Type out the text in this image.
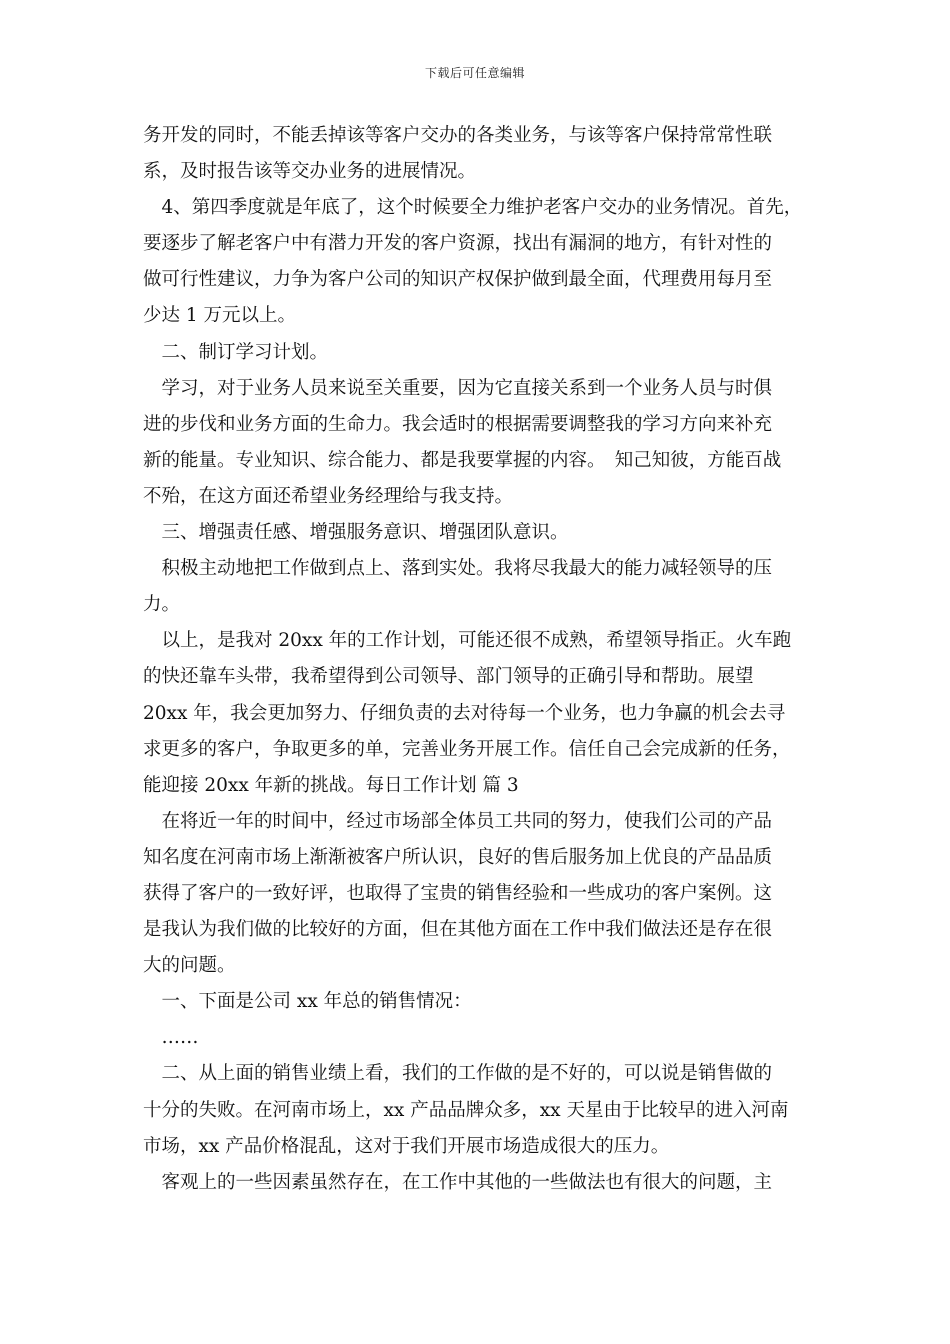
下载后可任意编辑
务开发的同时，不能丢掉该等客户交办的各类业务，与该等客户保持常常性联
系，及时报告该等交办业务的进展情况。
　4、第四季度就是年底了，这个时候要全力维护老客户交办的业务情况。首先，
要逐步了解老客户中有潜力开发的客户资源，找出有漏洞的地方，有针对性的
做可行性建议，力争为客户公司的知识产权保护做到最全面，代理费用每月至
少达 1 万元以上。
　二、制订学习计划。
　学习，对于业务人员来说至关重要，因为它直接关系到一个业务人员与时俱
进的步伐和业务方面的生命力。我会适时的根据需要调整我的学习方向来补充
新的能量。专业知识、综合能力、都是我要掌握的内容。　知己知彼，方能百战
不殆，在这方面还希望业务经理给与我支持。
　三、增强责任感、增强服务意识、增强团队意识。
　积极主动地把工作做到点上、落到实处。我将尽我最大的能力减轻领导的压
力。
　以上，是我对 20xx 年的工作计划，可能还很不成熟，希望领导指正。火车跑
的快还靠车头带，我希望得到公司领导、部门领导的正确引导和帮助。展望
20xx 年，我会更加努力、仔细负责的去对待每一个业务，也力争赢的机会去寻
求更多的客户，争取更多的单，完善业务开展工作。信任自己会完成新的任务，
能迎接 20xx 年新的挑战。每日工作计划 篇 3
　在将近一年的时间中，经过市场部全体员工共同的努力，使我们公司的产品
知名度在河南市场上渐渐被客户所认识，良好的售后服务加上优良的产品品质
获得了客户的一致好评，也取得了宝贵的销售经验和一些成功的客户案例。这
是我认为我们做的比较好的方面，但在其他方面在工作中我们做法还是存在很
大的问题。
　一、下面是公司 xx 年总的销售情况：
　……
　二、从上面的销售业绩上看，我们的工作做的是不好的，可以说是销售做的
十分的失败。在河南市场上，xx 产品品牌众多，xx 天星由于比较早的进入河南
市场，xx 产品价格混乱，这对于我们开展市场造成很大的压力。
　客观上的一些因素虽然存在，在工作中其他的一些做法也有很大的问题，主
